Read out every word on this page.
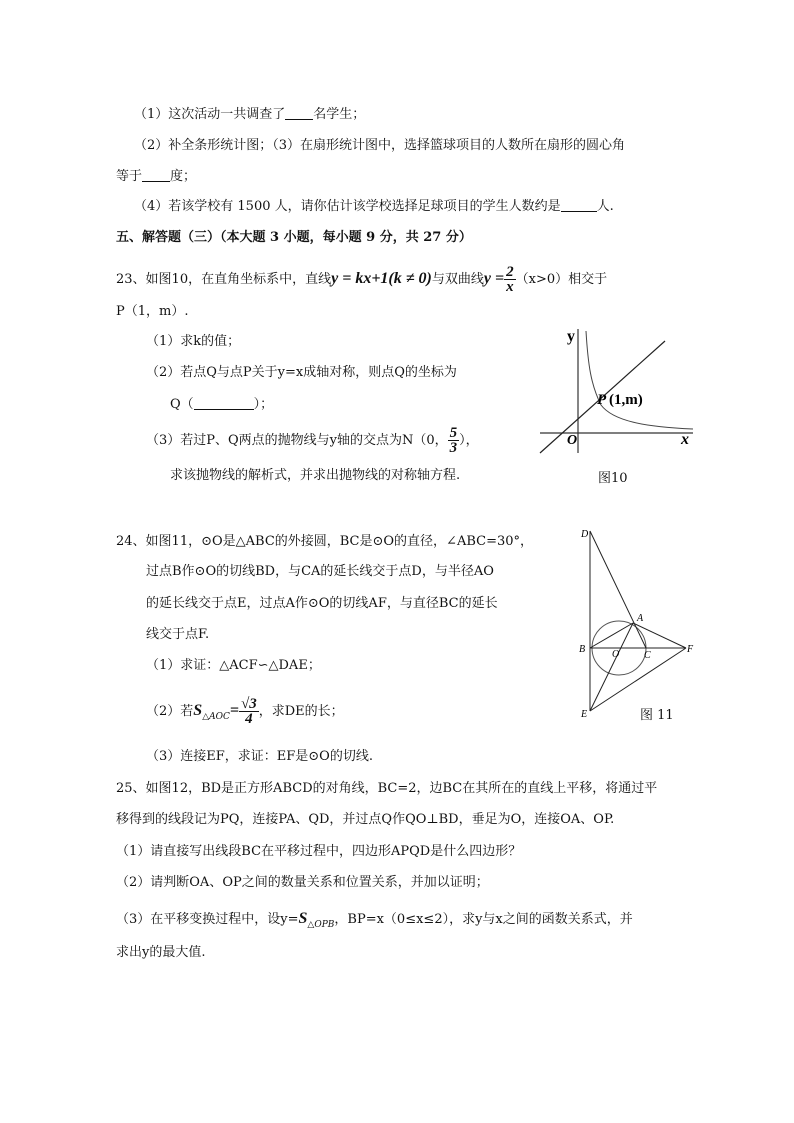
（1）这次活动一共调查了 名学生；
（2）补全条形统计图；（3）在扇形统计图中，选择篮球项目的人数所在扇形的圆心角
等于 度；
（4）若该学校有 1500 人，请你估计该学校选择足球项目的学生人数约是	人.
五、解答题（三）（本大题 3 小题，每小题 9 分，共 27 分）
23、如图10，在直角坐标系中，直线y = kx+1(k ≠ 0)与双曲线$y = \frac{2}{x} (x>0)$相交于
P（1，m）.
（1）求k的值；
（2）若点Q与点P关于y=x成轴对称，则点Q的坐标为
Q（	）；
（3）若过P、Q两点的抛物线与y轴的交点为N（0， $\frac{5}{3}$ ），
求该抛物线的解析式，并求出抛物线的对称轴方程.
y
x
O
P (1,m)
图10
24、如图11，⊙O是△ABC的外接圆，BC是⊙O的直径，∠ABC=30°，
过点B作⊙O的切线BD，与CA的延长线交于点D，与半径AO
的延长线交于点E，过点A作⊙O的切线AF，与直径BC的延长
线交于点F.
（1）求证：△ACF∽△DAE；
（2）若$S_{\triangle AOC}= \frac{√3}{4}$ ，求DE的长；
（3）连接EF，求证：EF是⊙O的切线.
D
A
B	O C
F
E	图 11
25、如图12，BD是正方形ABCD的对角线，BC=2，边BC在其所在的直线上平移，将通过平
移得到的线段记为PQ，连接PA、QD，并过点Q作QO⊥BD，垂足为O，连接OA、OP.
（1）请直接写出线段BC在平移过程中，四边形APQD是什么四边形？
（2）请判断OA、OP之间的数量关系和位置关系，并加以证明；
（3）在平移变换过程中，设$y=S_{\triangle OPB}$，BP=x（0≤x≤2），求y与x之间的函数关系式，并
求出y的最大值.
